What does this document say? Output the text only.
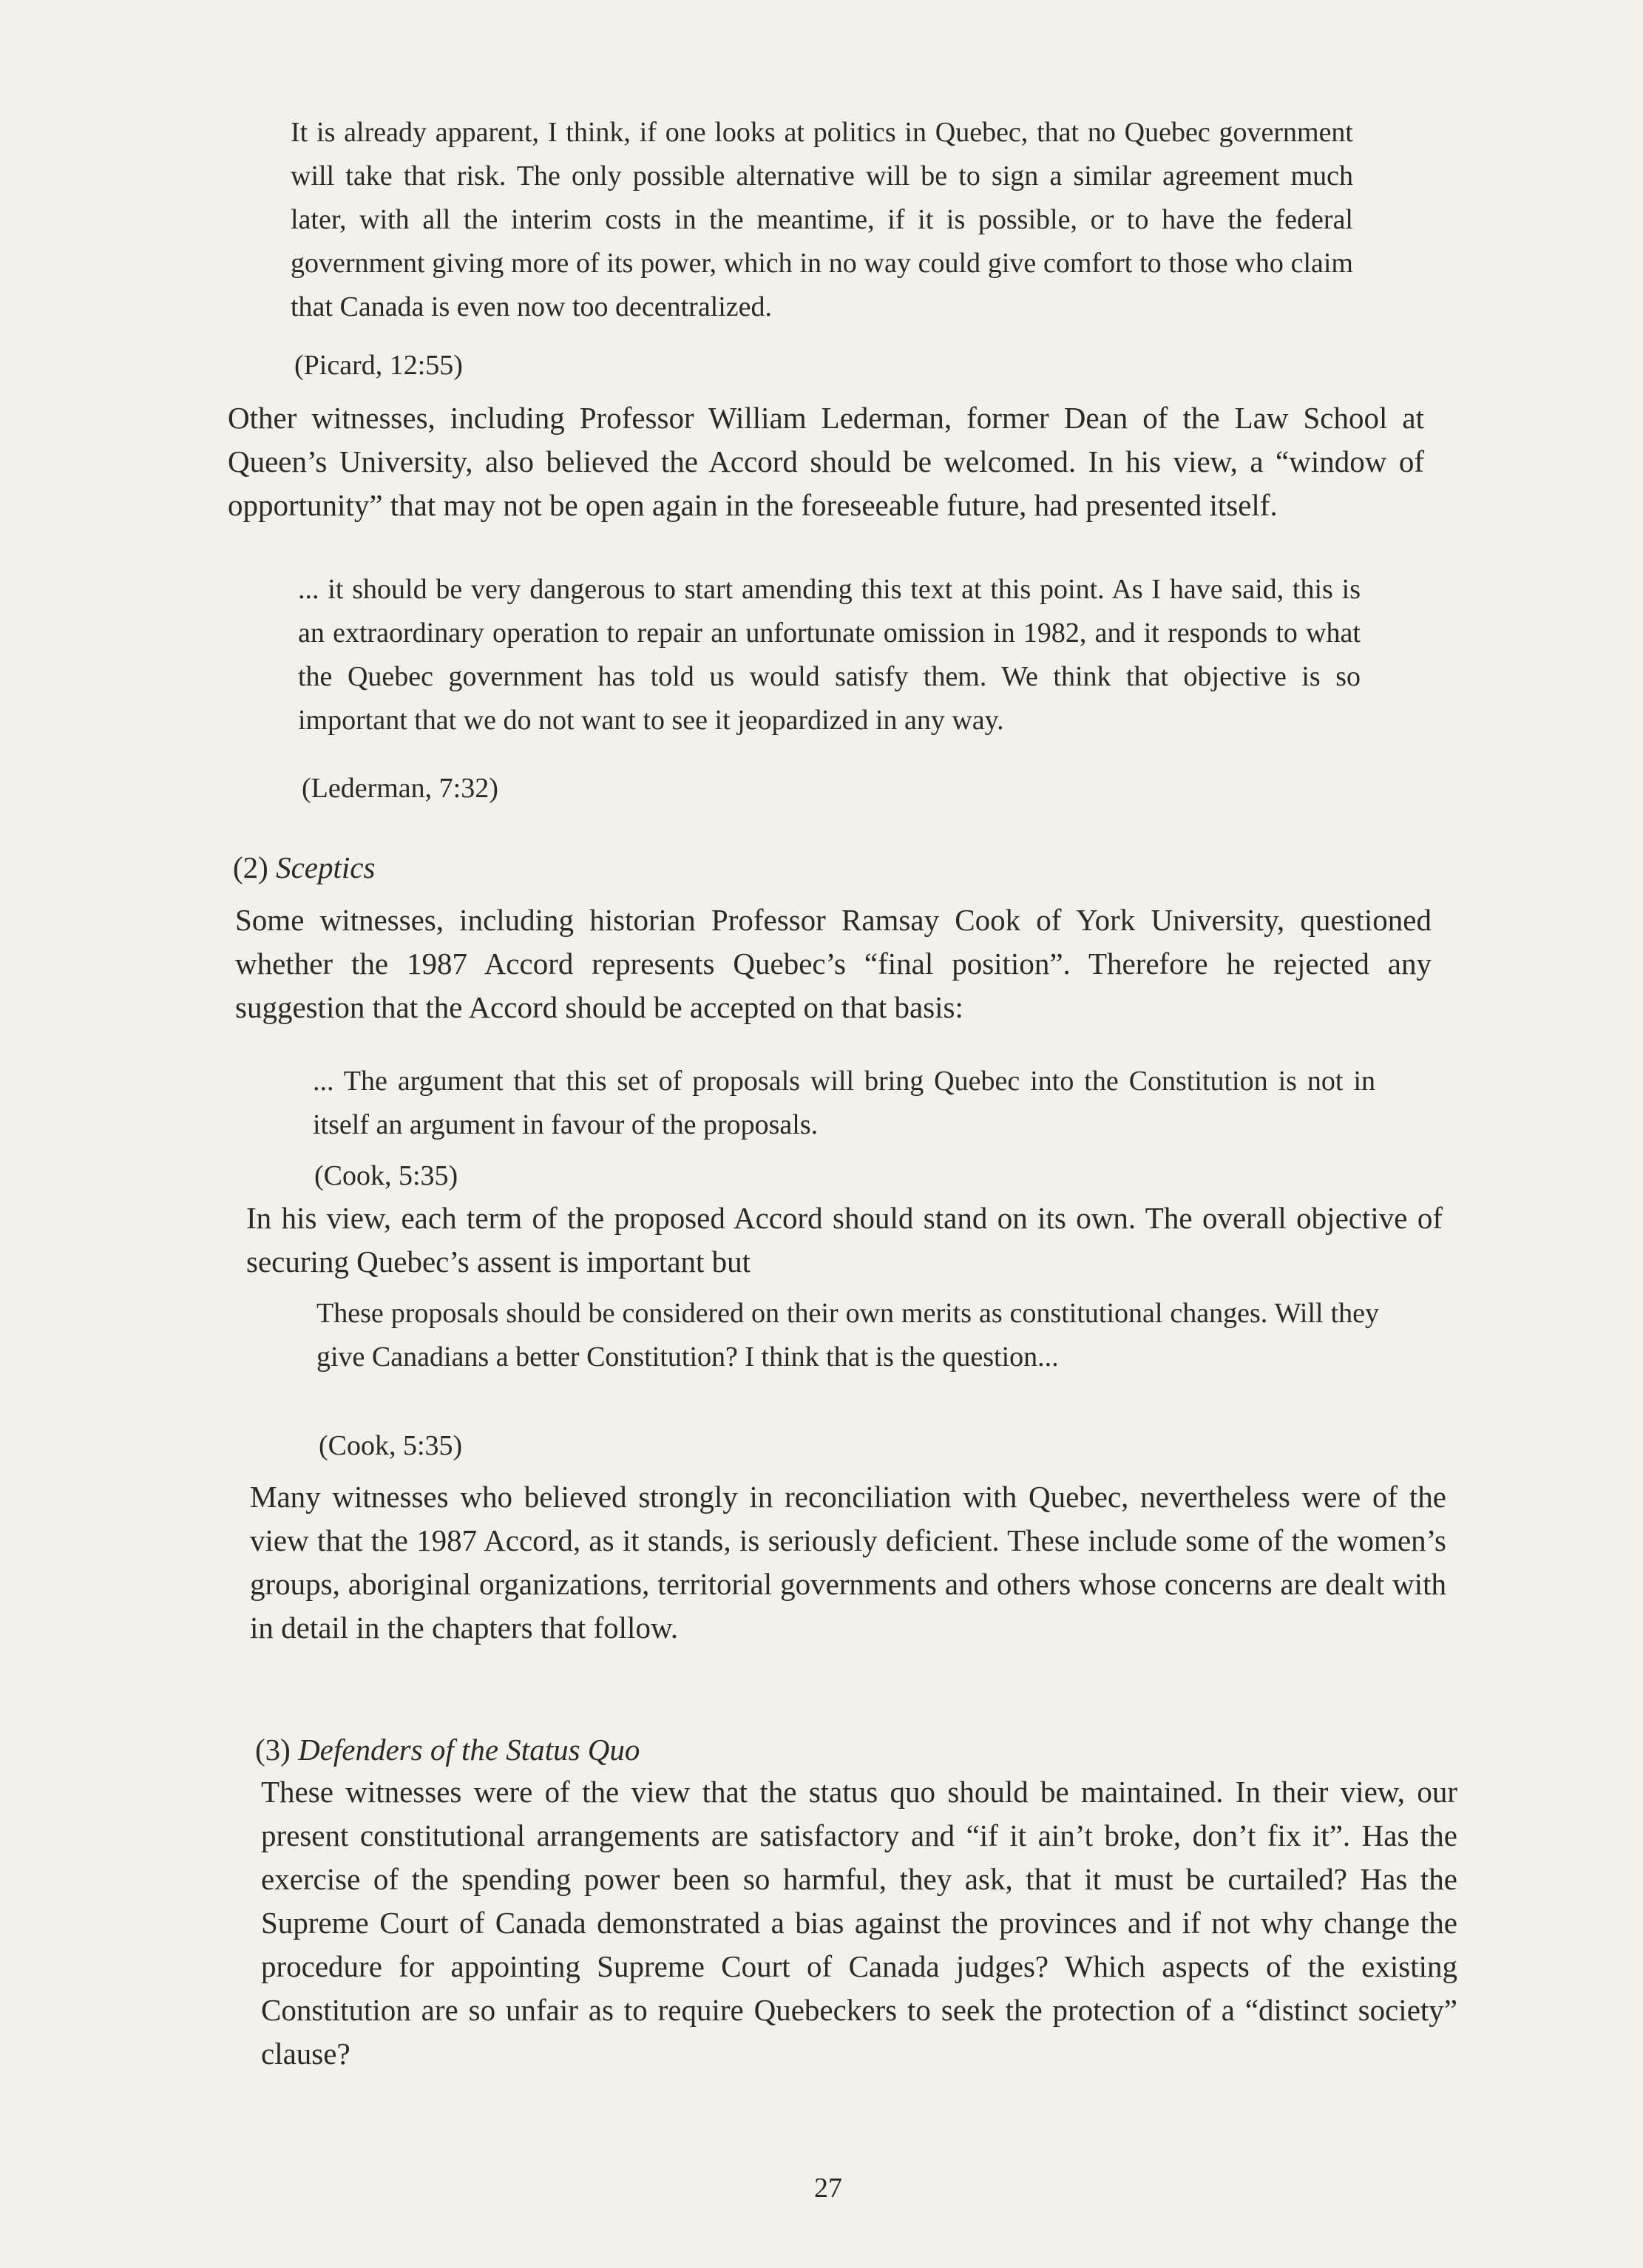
It is already apparent, I think, if one looks at politics in Quebec, that no Quebec government will take that risk. The only possible alternative will be to sign a similar agreement much later, with all the interim costs in the meantime, if it is possible, or to have the federal government giving more of its power, which in no way could give comfort to those who claim that Canada is even now too decentralized.

(Picard, 12:55)

Other witnesses, including Professor William Lederman, former Dean of the Law School at Queen’s University, also believed the Accord should be welcomed. In his view, a “window of opportunity” that may not be open again in the foreseeable future, had presented itself.

... it should be very dangerous to start amending this text at this point. As I have said, this is an extraordinary operation to repair an unfortunate omission in 1982, and it responds to what the Quebec government has told us would satisfy them. We think that objective is so important that we do not want to see it jeopardized in any way.

(Lederman, 7:32)

(2) Sceptics

Some witnesses, including historian Professor Ramsay Cook of York University, questioned whether the 1987 Accord represents Quebec’s “final position”. Therefore he rejected any suggestion that the Accord should be accepted on that basis:

... The argument that this set of proposals will bring Quebec into the Constitution is not in itself an argument in favour of the proposals.

(Cook, 5:35)

In his view, each term of the proposed Accord should stand on its own. The overall objective of securing Quebec’s assent is important but

These proposals should be considered on their own merits as constitutional changes. Will they give Canadians a better Constitution? I think that is the question...

(Cook, 5:35)

Many witnesses who believed strongly in reconciliation with Quebec, nevertheless were of the view that the 1987 Accord, as it stands, is seriously deficient. These include some of the women’s groups, aboriginal organizations, territorial governments and others whose concerns are dealt with in detail in the chapters that follow.

(3) Defenders of the Status Quo

These witnesses were of the view that the status quo should be maintained. In their view, our present constitutional arrangements are satisfactory and “if it ain’t broke, don’t fix it”. Has the exercise of the spending power been so harmful, they ask, that it must be curtailed? Has the Supreme Court of Canada demonstrated a bias against the provinces and if not why change the procedure for appointing Supreme Court of Canada judges? Which aspects of the existing Constitution are so unfair as to require Quebeckers to seek the protection of a “distinct society” clause?

27
